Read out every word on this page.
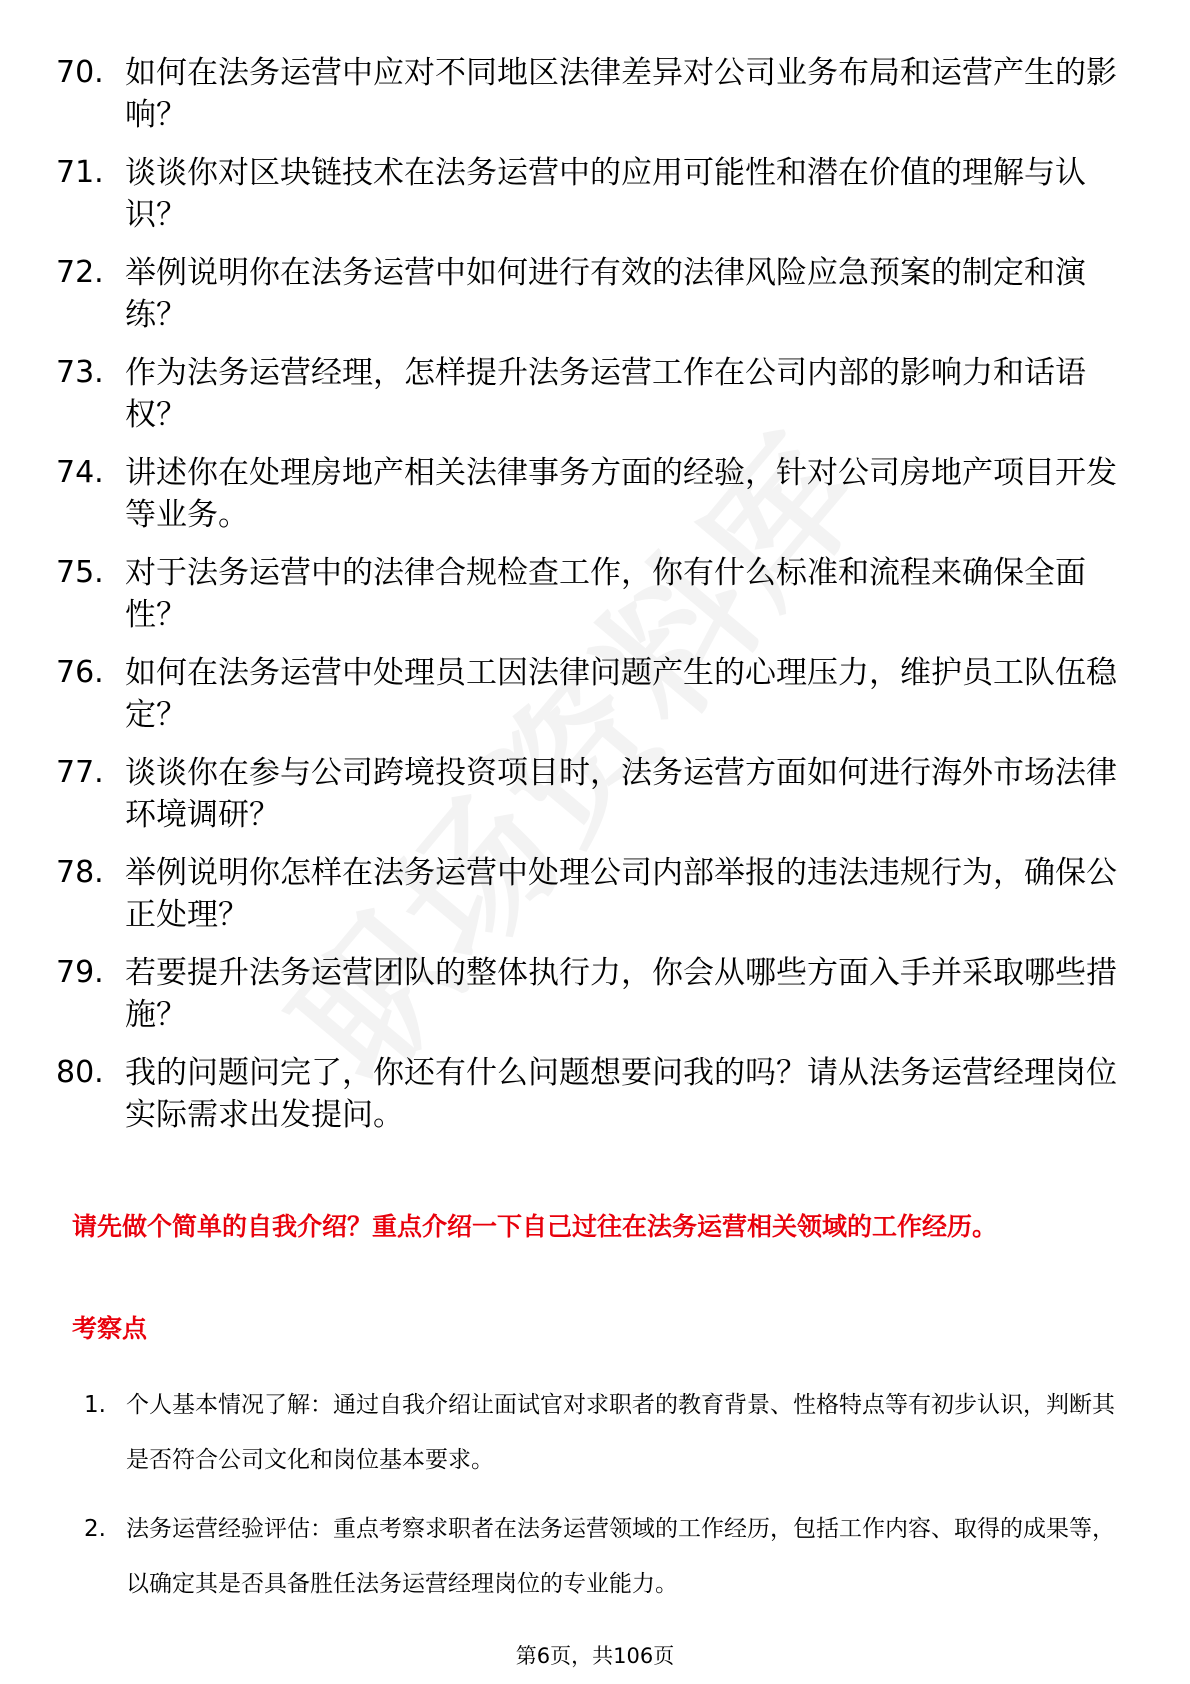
70. 如何在法务运营中应对不同地区法律差异对公司业务布局和运营产生的影响？
71. 谈谈你对区块链技术在法务运营中的应用可能性和潜在价值的理解与认识？
72. 举例说明你在法务运营中如何进行有效的法律风险应急预案的制定和演练？
73. 作为法务运营经理，怎样提升法务运营工作在公司内部的影响力和话语权？
74. 讲述你在处理房地产相关法律事务方面的经验，针对公司房地产项目开发等业务。
75. 对于法务运营中的法律合规检查工作，你有什么标准和流程来确保全面性？
76. 如何在法务运营中处理员工因法律问题产生的心理压力，维护员工队伍稳定？
77. 谈谈你在参与公司跨境投资项目时，法务运营方面如何进行海外市场法律环境调研？
78. 举例说明你怎样在法务运营中处理公司内部举报的违法违规行为，确保公正处理？
79. 若要提升法务运营团队的整体执行力，你会从哪些方面入手并采取哪些措施？
80. 我的问题问完了，你还有什么问题想要问我的吗？请从法务运营经理岗位实际需求出发提问。
请先做个简单的自我介绍？重点介绍一下自己过往在法务运营相关领域的工作经历。
考察点
1. 个人基本情况了解：通过自我介绍让面试官对求职者的教育背景、性格特点等有初步认识，判断其是否符合公司文化和岗位基本要求。
2. 法务运营经验评估：重点考察求职者在法务运营领域的工作经历，包括工作内容、取得的成果等，以确定其是否具备胜任法务运营经理岗位的专业能力。
第6页，共106页
